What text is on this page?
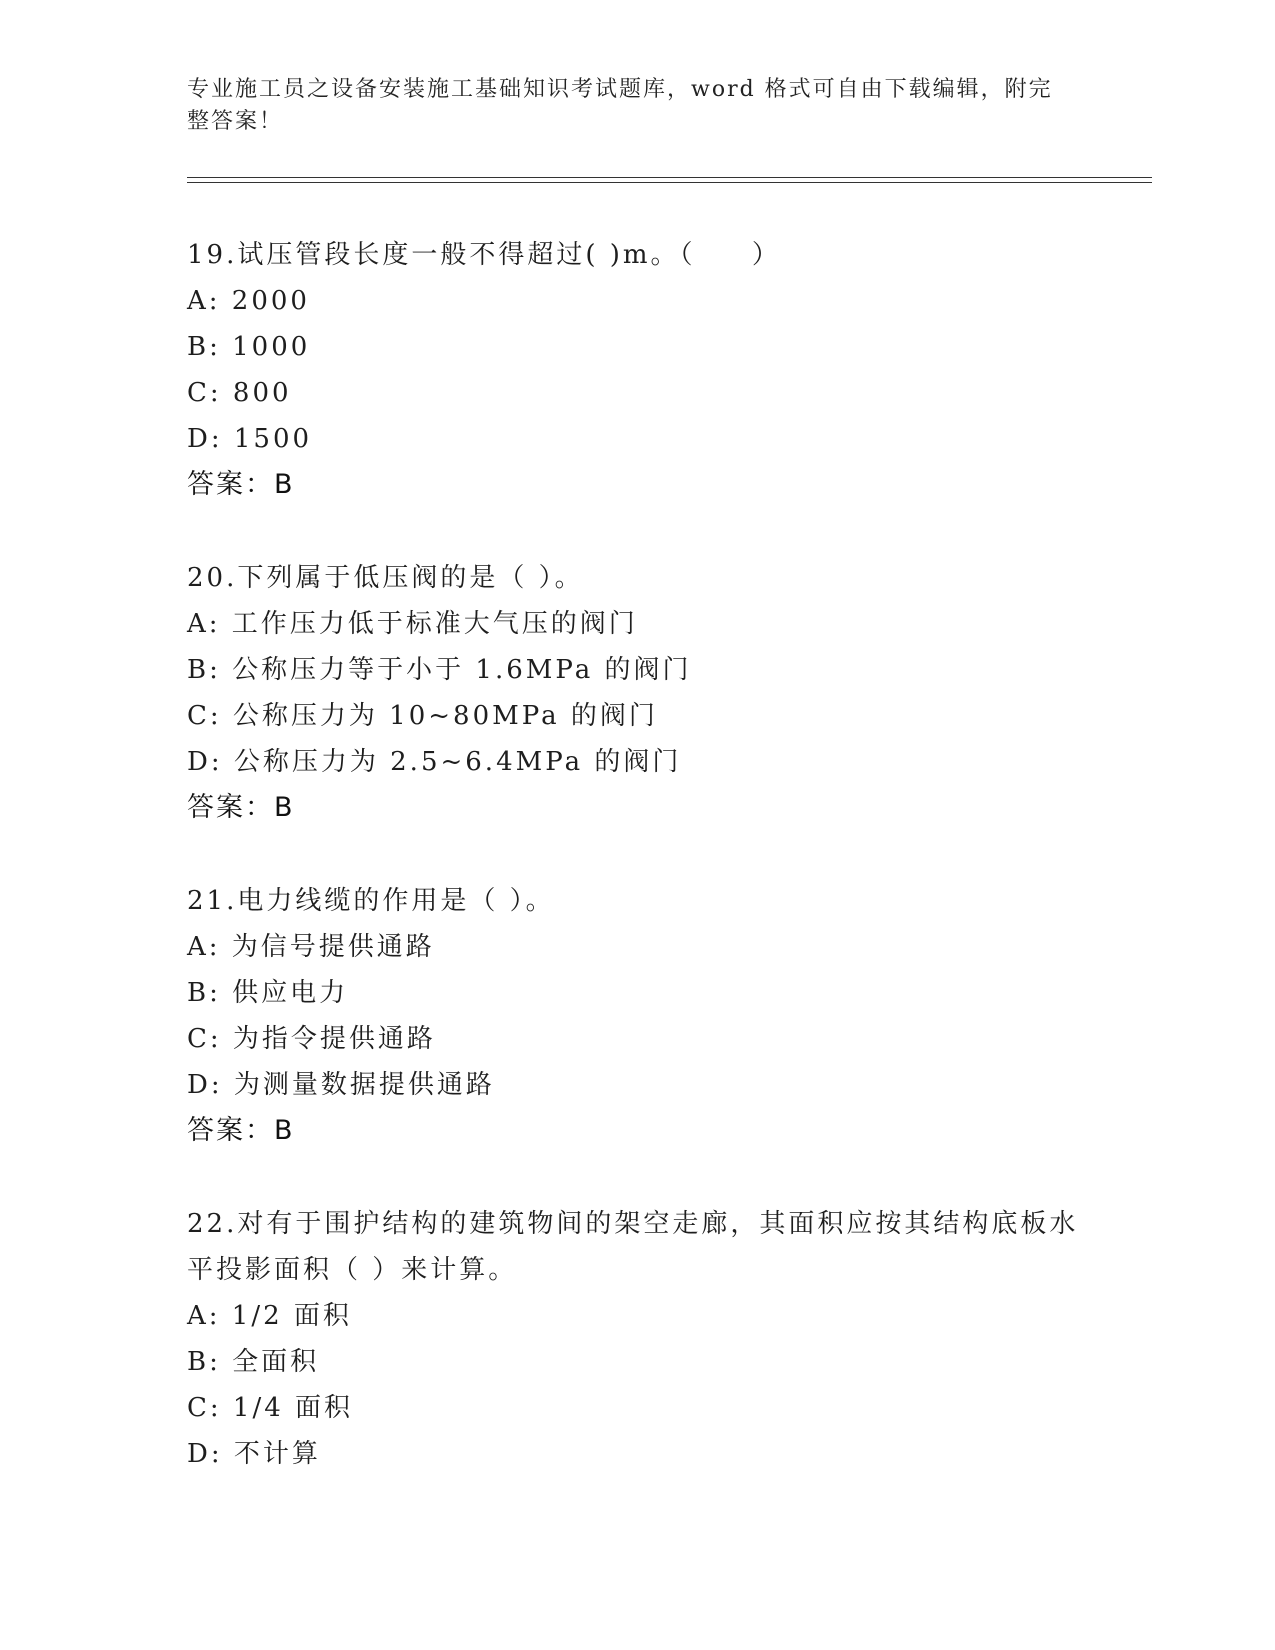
专业施工员之设备安装施工基础知识考试题库，word 格式可自由下载编辑，附完整答案！
19.试压管段长度一般不得超过( )m。（     ）
A: 2000
B: 1000
C: 800
D: 1500
答案：B
20.下列属于低压阀的是（ ）。
A: 工作压力低于标准大气压的阀门
B: 公称压力等于小于 1.6MPa 的阀门
C: 公称压力为 10~80MPa 的阀门
D: 公称压力为 2.5~6.4MPa 的阀门
答案：B
21.电力线缆的作用是（ ）。
A: 为信号提供通路
B: 供应电力
C: 为指令提供通路
D: 为测量数据提供通路
答案：B
22.对有于围护结构的建筑物间的架空走廊，其面积应按其结构底板水平投影面积（ ）来计算。
A: 1/2 面积
B: 全面积
C: 1/4 面积
D: 不计算
